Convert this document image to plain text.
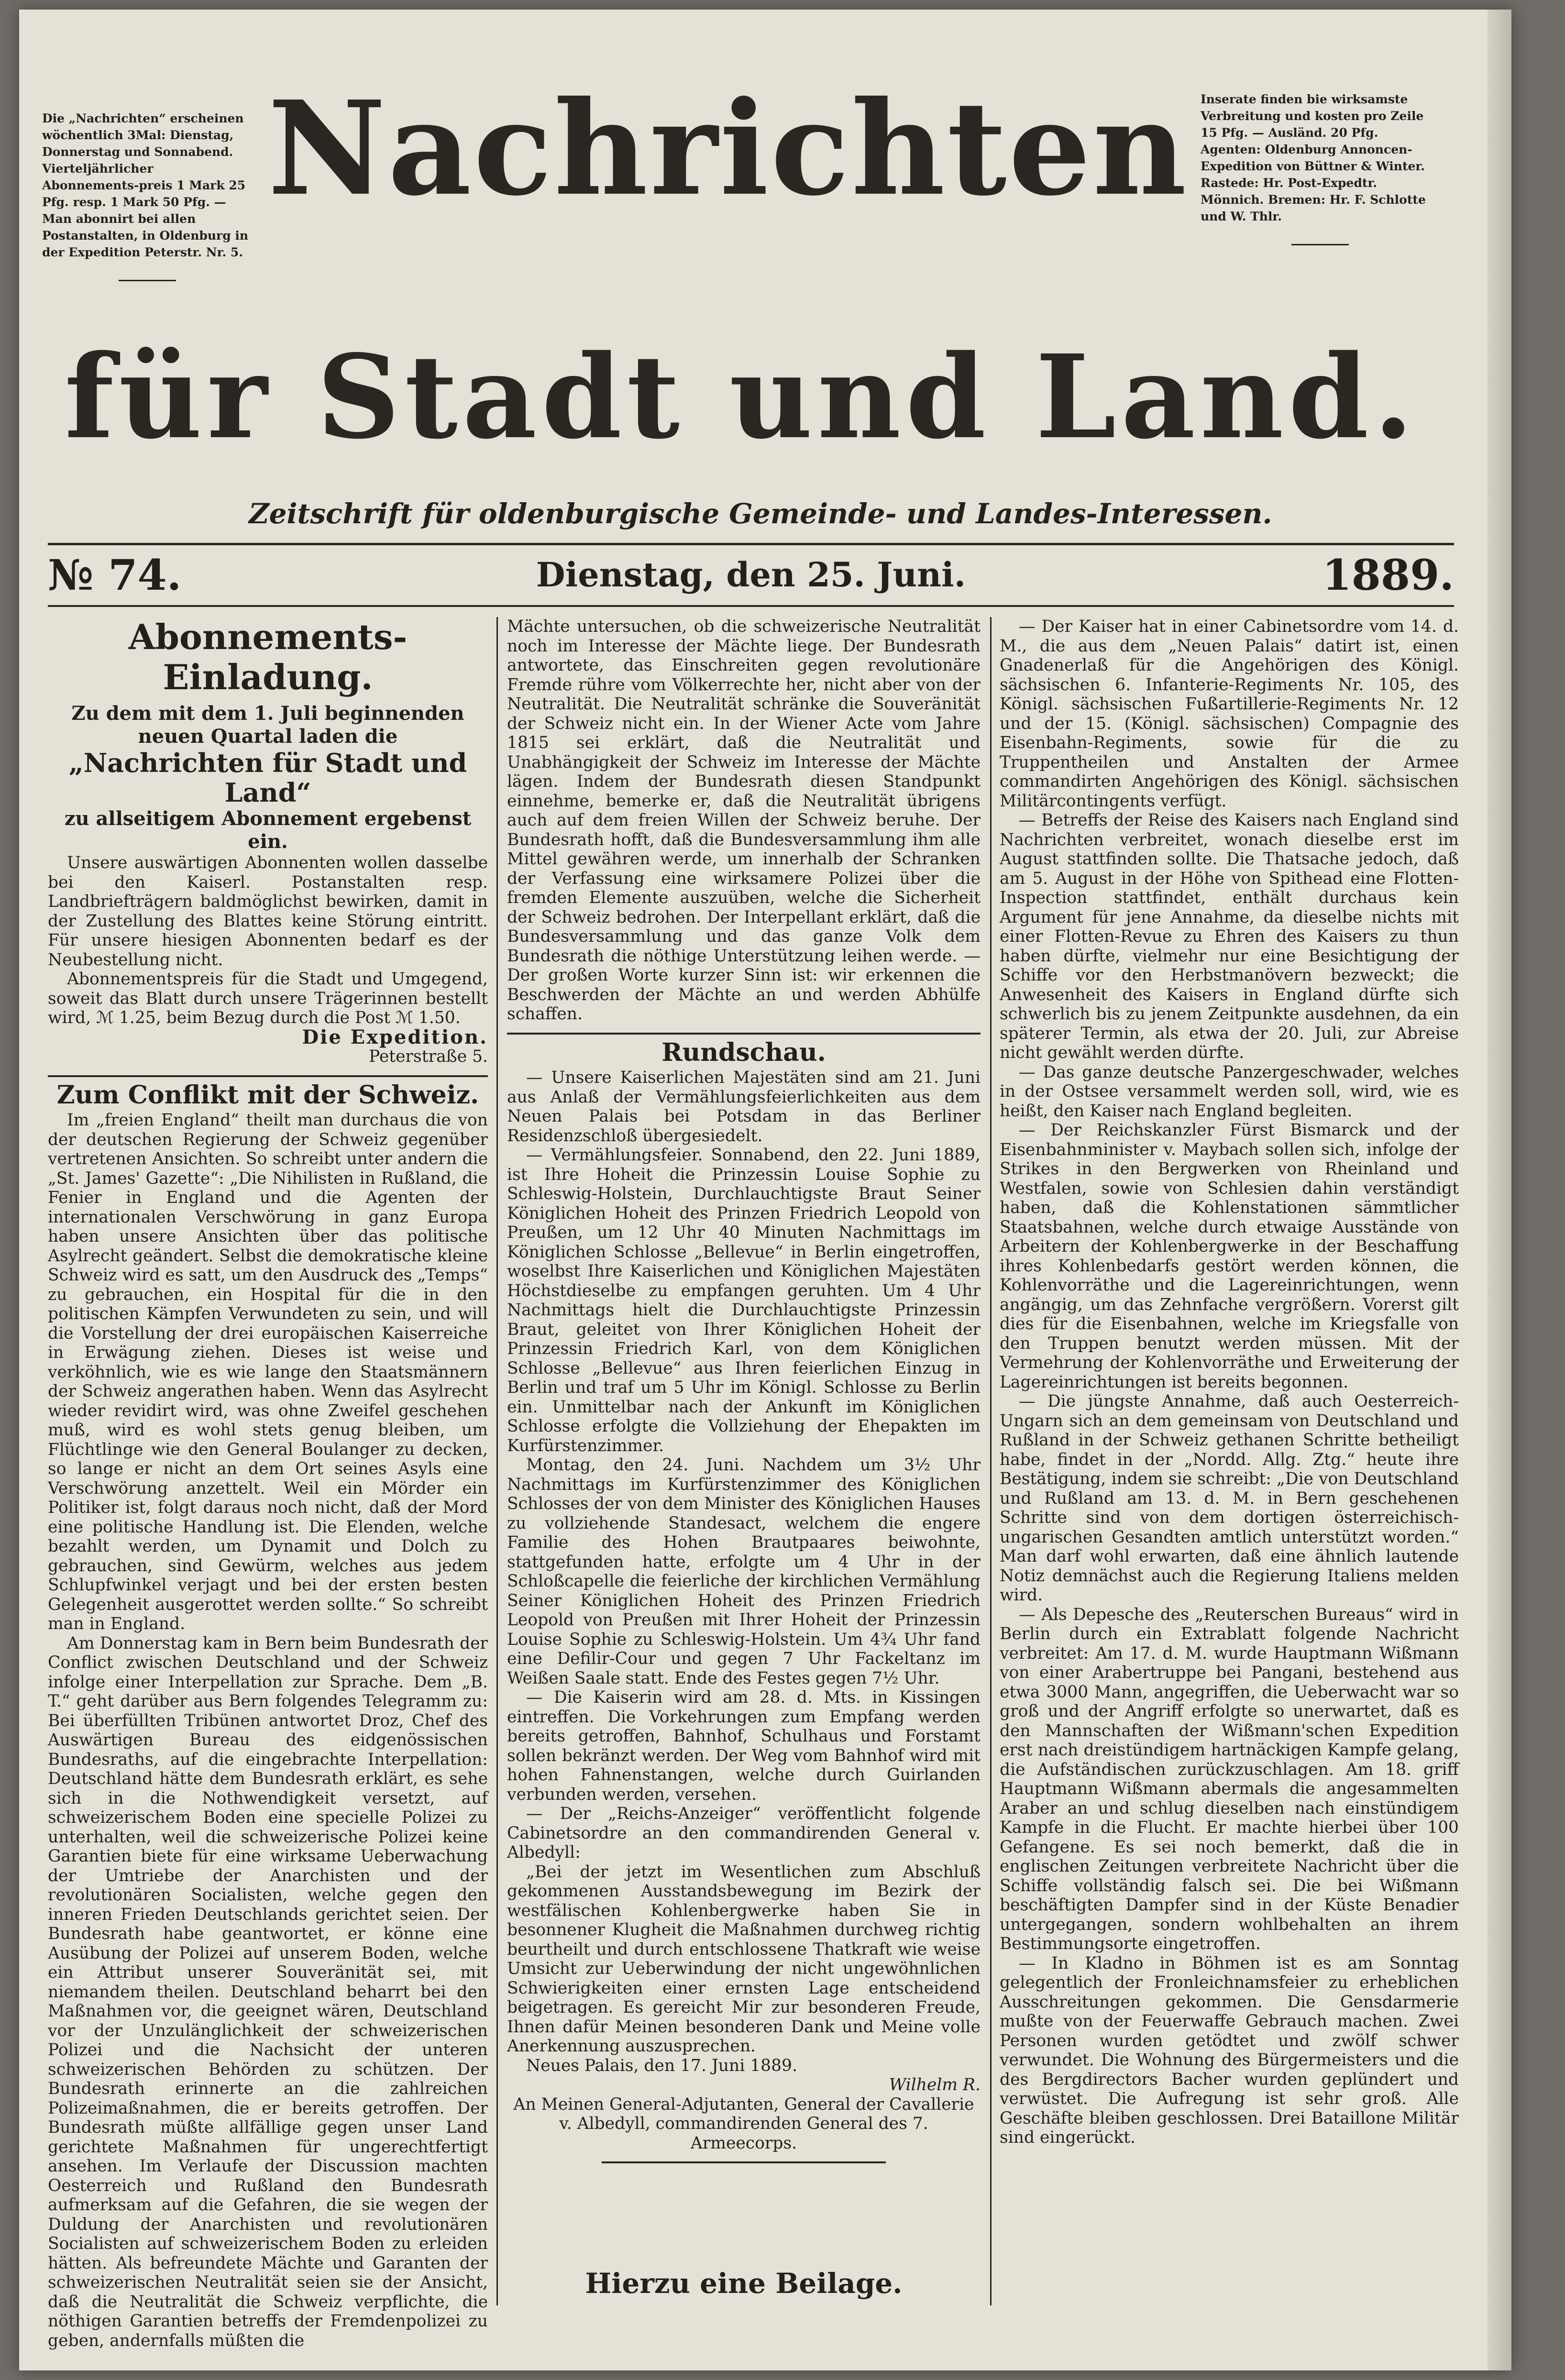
Die „Nachrichten“ erscheinen wöchentlich 3Mal: Dienstag, Donnerstag und Sonnabend. Vierteljährlicher Abonnements-preis 1 Mark 25 Pfg. resp. 1 Mark 50 Pfg. — Man abonnirt bei allen Postanstalten, in Oldenburg in der Expedition Peterstr. Nr. 5.
Inserate finden bie wirksamste Verbreitung und kosten pro Zeile 15 Pfg. — Ausländ. 20 Pfg. Agenten: Oldenburg Annoncen-Expedition von Büttner & Winter. Rastede: Hr. Post-Expedtr. Mönnich. Bremen: Hr. F. Schlotte und W. Thlr.
Nachrichten
für Stadt und Land.
Zeitschrift für oldenburgische Gemeinde- und Landes-Interessen.
№ 74.	Dienstag, den 25. Juni.	1889.
Abonnements-Einladung.
Zu dem mit dem 1. Juli beginnenden neuen Quartal laden die
„Nachrichten für Stadt und Land“
zu allseitigem Abonnement ergebenst ein.

Unsere auswärtigen Abonnenten wollen dasselbe bei den Kaiserl. Postanstalten resp. Landbriefträgern baldmöglichst bewirken, damit in der Zustellung des Blattes keine Störung eintritt. Für unsere hiesigen Abonnenten bedarf es der Neubestellung nicht.

Abonnementspreis für die Stadt und Umgegend, soweit das Blatt durch unsere Trägerinnen bestellt wird, ℳ 1.25, beim Bezug durch die Post ℳ 1.50.

Die Expedition.
Peterstraße 5.
Zum Conflikt mit der Schweiz.

Im „freien England“ theilt man durchaus die von der deutschen Regierung der Schweiz gegenüber vertretenen Ansichten. So schreibt unter andern die „St. James' Gazette“: „Die Nihilisten in Rußland, die Fenier in England und die Agenten der internationalen Verschwörung in ganz Europa haben unsere Ansichten über das politische Asylrecht geändert. Selbst die demokratische kleine Schweiz wird es satt, um den Ausdruck des „Temps“ zu gebrauchen, ein Hospital für die in den politischen Kämpfen Verwundeten zu sein, und will die Vorstellung der drei europäischen Kaiserreiche in Erwägung ziehen. Dieses ist weise und verköhnlich, wie es wie lange den Staatsmännern der Schweiz angerathen haben. Wenn das Asylrecht wieder revidirt wird, was ohne Zweifel geschehen muß, wird es wohl stets genug bleiben, um Flüchtlinge wie den General Boulanger zu decken, so lange er nicht an dem Ort seines Asyls eine Verschwörung anzettelt. Weil ein Mörder ein Politiker ist, folgt daraus noch nicht, daß der Mord eine politische Handlung ist. Die Elenden, welche bezahlt werden, um Dynamit und Dolch zu gebrauchen, sind Gewürm, welches aus jedem Schlupfwinkel verjagt und bei der ersten besten Gelegenheit ausgerottet werden sollte.“ So schreibt man in England.

Am Donnerstag kam in Bern beim Bundesrath der Conflict zwischen Deutschland und der Schweiz infolge einer Interpellation zur Sprache. Dem „B. T.“ geht darüber aus Bern folgendes Telegramm zu: Bei überfüllten Tribünen antwortet Droz, Chef des Auswärtigen Bureau des eidgenössischen Bundesraths, auf die eingebrachte Interpellation: Deutschland hätte dem Bundesrath erklärt, es sehe sich in die Nothwendigkeit versetzt, auf schweizerischem Boden eine specielle Polizei zu unterhalten, weil die schweizerische Polizei keine Garantien biete für eine wirksame Ueberwachung der Umtriebe der Anarchisten und der revolutionären Socialisten, welche gegen den inneren Frieden Deutschlands gerichtet seien. Der Bundesrath habe geantwortet, er könne eine Ausübung der Polizei auf unserem Boden, welche ein Attribut unserer Souveränität sei, mit niemandem theilen. Deutschland beharrt bei den Maßnahmen vor, die geeignet wären, Deutschland vor der Unzulänglichkeit der schweizerischen Polizei und die Nachsicht der unteren schweizerischen Behörden zu schützen. Der Bundesrath erinnerte an die zahlreichen Polizeimaßnahmen, die er bereits getroffen. Der Bundesrath müßte allfällige gegen unser Land gerichtete Maßnahmen für ungerechtfertigt ansehen. Im Verlaufe der Discussion machten Oesterreich und Rußland den Bundesrath aufmerksam auf die Gefahren, die sie wegen der Duldung der Anarchisten und revolutionären Socialisten auf schweizerischem Boden zu erleiden hätten. Als befreundete Mächte und Garanten der schweizerischen Neutralität seien sie der Ansicht, daß die Neutralität die Schweiz verpflichte, die nöthigen Garantien betreffs der Fremdenpolizei zu geben, andernfalls müßten die

Mächte untersuchen, ob die schweizerische Neutralität noch im Interesse der Mächte liege. Der Bundesrath antwortete, das Einschreiten gegen revolutionäre Fremde rühre vom Völkerrechte her, nicht aber von der Neutralität. Die Neutralität schränke die Souveränität der Schweiz nicht ein. In der Wiener Acte vom Jahre 1815 sei erklärt, daß die Neutralität und Unabhängigkeit der Schweiz im Interesse der Mächte lägen. Indem der Bundesrath diesen Standpunkt einnehme, bemerke er, daß die Neutralität übrigens auch auf dem freien Willen der Schweiz beruhe. Der Bundesrath hofft, daß die Bundesversammlung ihm alle Mittel gewähren werde, um innerhalb der Schranken der Verfassung eine wirksamere Polizei über die fremden Elemente auszuüben, welche die Sicherheit der Schweiz bedrohen. Der Interpellant erklärt, daß die Bundesversammlung und das ganze Volk dem Bundesrath die nöthige Unterstützung leihen werde. — Der großen Worte kurzer Sinn ist: wir erkennen die Beschwerden der Mächte an und werden Abhülfe schaffen.

Rundschau.

— Unsere Kaiserlichen Majestäten sind am 21. Juni aus Anlaß der Vermählungsfeierlichkeiten aus dem Neuen Palais bei Potsdam in das Berliner Residenzschloß übergesiedelt.

— Vermählungsfeier. Sonnabend, den 22. Juni 1889, ist Ihre Hoheit die Prinzessin Louise Sophie zu Schleswig-Holstein, Durchlauchtigste Braut Seiner Königlichen Hoheit des Prinzen Friedrich Leopold von Preußen, um 12 Uhr 40 Minuten Nachmittags im Königlichen Schlosse „Bellevue“ in Berlin eingetroffen, woselbst Ihre Kaiserlichen und Königlichen Majestäten Höchstdieselbe zu empfangen geruhten. Um 4 Uhr Nachmittags hielt die Durchlauchtigste Prinzessin Braut, geleitet von Ihrer Königlichen Hoheit der Prinzessin Friedrich Karl, von dem Königlichen Schlosse „Bellevue“ aus Ihren feierlichen Einzug in Berlin und traf um 5 Uhr im Königl. Schlosse zu Berlin ein. Unmittelbar nach der Ankunft im Königlichen Schlosse erfolgte die Vollziehung der Ehepakten im Kurfürstenzimmer.

Montag, den 24. Juni. Nachdem um 3½ Uhr Nachmittags im Kurfürstenzimmer des Königlichen Schlosses der von dem Minister des Königlichen Hauses zu vollziehende Standesact, welchem die engere Familie des Hohen Brautpaares beiwohnte, stattgefunden hatte, erfolgte um 4 Uhr in der Schloßcapelle die feierliche der kirchlichen Vermählung Seiner Königlichen Hoheit des Prinzen Friedrich Leopold von Preußen mit Ihrer Hoheit der Prinzessin Louise Sophie zu Schleswig-Holstein. Um 4¾ Uhr fand eine Defilir-Cour und gegen 7 Uhr Fackeltanz im Weißen Saale statt. Ende des Festes gegen 7½ Uhr.

— Die Kaiserin wird am 28. d. Mts. in Kissingen eintreffen. Die Vorkehrungen zum Empfang werden bereits getroffen, Bahnhof, Schulhaus und Forstamt sollen bekränzt werden. Der Weg vom Bahnhof wird mit hohen Fahnenstangen, welche durch Guirlanden verbunden werden, versehen.

— Der „Reichs-Anzeiger“ veröffentlicht folgende Cabinetsordre an den commandirenden General v. Albedyll:

„Bei der jetzt im Wesentlichen zum Abschluß gekommenen Ausstandsbewegung im Bezirk der westfälischen Kohlenbergwerke haben Sie in besonnener Klugheit die Maßnahmen durchweg richtig beurtheilt und durch entschlossene Thatkraft wie weise Umsicht zur Ueberwindung der nicht ungewöhnlichen Schwierigkeiten einer ernsten Lage entscheidend beigetragen. Es gereicht Mir zur besonderen Freude, Ihnen dafür Meinen besonderen Dank und Meine volle Anerkennung auszusprechen.

Neues Palais, den 17. Juni 1889.

Wilhelm R.

An Meinen General-Adjutanten, General der Cavallerie v. Albedyll, commandirenden General des 7. Armeecorps.

Hierzu eine Beilage.

— Der Kaiser hat in einer Cabinetsordre vom 14. d. M., die aus dem „Neuen Palais“ datirt ist, einen Gnadenerlaß für die Angehörigen des Königl. sächsischen 6. Infanterie-Regiments Nr. 105, des Königl. sächsischen Fußartillerie-Regiments Nr. 12 und der 15. (Königl. sächsischen) Compagnie des Eisenbahn-Regiments, sowie für die zu Truppentheilen und Anstalten der Armee commandirten Angehörigen des Königl. sächsischen Militärcontingents verfügt.

— Betreffs der Reise des Kaisers nach England sind Nachrichten verbreitet, wonach dieselbe erst im August stattfinden sollte. Die Thatsache jedoch, daß am 5. August in der Höhe von Spithead eine Flotten-Inspection stattfindet, enthält durchaus kein Argument für jene Annahme, da dieselbe nichts mit einer Flotten-Revue zu Ehren des Kaisers zu thun haben dürfte, vielmehr nur eine Besichtigung der Schiffe vor den Herbstmanövern bezweckt; die Anwesenheit des Kaisers in England dürfte sich schwerlich bis zu jenem Zeitpunkte ausdehnen, da ein späterer Termin, als etwa der 20. Juli, zur Abreise nicht gewählt werden dürfte.

— Das ganze deutsche Panzergeschwader, welches in der Ostsee versammelt werden soll, wird, wie es heißt, den Kaiser nach England begleiten.

— Der Reichskanzler Fürst Bismarck und der Eisenbahnminister v. Maybach sollen sich, infolge der Strikes in den Bergwerken von Rheinland und Westfalen, sowie von Schlesien dahin verständigt haben, daß die Kohlenstationen sämmtlicher Staatsbahnen, welche durch etwaige Ausstände von Arbeitern der Kohlenbergwerke in der Beschaffung ihres Kohlenbedarfs gestört werden können, die Kohlenvorräthe und die Lagereinrichtungen, wenn angängig, um das Zehnfache vergrößern. Vorerst gilt dies für die Eisenbahnen, welche im Kriegsfalle von den Truppen benutzt werden müssen. Mit der Vermehrung der Kohlenvorräthe und Erweiterung der Lagereinrichtungen ist bereits begonnen.

— Die jüngste Annahme, daß auch Oesterreich-Ungarn sich an dem gemeinsam von Deutschland und Rußland in der Schweiz gethanen Schritte betheiligt habe, findet in der „Nordd. Allg. Ztg.“ heute ihre Bestätigung, indem sie schreibt: „Die von Deutschland und Rußland am 13. d. M. in Bern geschehenen Schritte sind von dem dortigen österreichisch-ungarischen Gesandten amtlich unterstützt worden.“ Man darf wohl erwarten, daß eine ähnlich lautende Notiz demnächst auch die Regierung Italiens melden wird.

— Als Depesche des „Reuterschen Bureaus“ wird in Berlin durch ein Extrablatt folgende Nachricht verbreitet: Am 17. d. M. wurde Hauptmann Wißmann von einer Arabertruppe bei Pangani, bestehend aus etwa 3000 Mann, angegriffen, die Ueberwacht war so groß und der Angriff erfolgte so unerwartet, daß es den Mannschaften der Wißmann'schen Expedition erst nach dreistündigem hartnäckigen Kampfe gelang, die Aufständischen zurückzuschlagen. Am 18. griff Hauptmann Wißmann abermals die angesammelten Araber an und schlug dieselben nach einstündigem Kampfe in die Flucht. Er machte hierbei über 100 Gefangene. Es sei noch bemerkt, daß die in englischen Zeitungen verbreitete Nachricht über die Schiffe vollständig falsch sei. Die bei Wißmann beschäftigten Dampfer sind in der Küste Benadier untergegangen, sondern wohlbehalten an ihrem Bestimmungsorte eingetroffen.

— In Kladno in Böhmen ist es am Sonntag gelegentlich der Fronleichnamsfeier zu erheblichen Ausschreitungen gekommen. Die Gensdarmerie mußte von der Feuerwaffe Gebrauch machen. Zwei Personen wurden getödtet und zwölf schwer verwundet. Die Wohnung des Bürgermeisters und die des Bergdirectors Bacher wurden geplündert und verwüstet. Die Aufregung ist sehr groß. Alle Geschäfte bleiben geschlossen. Drei Bataillone Militär sind eingerückt.
